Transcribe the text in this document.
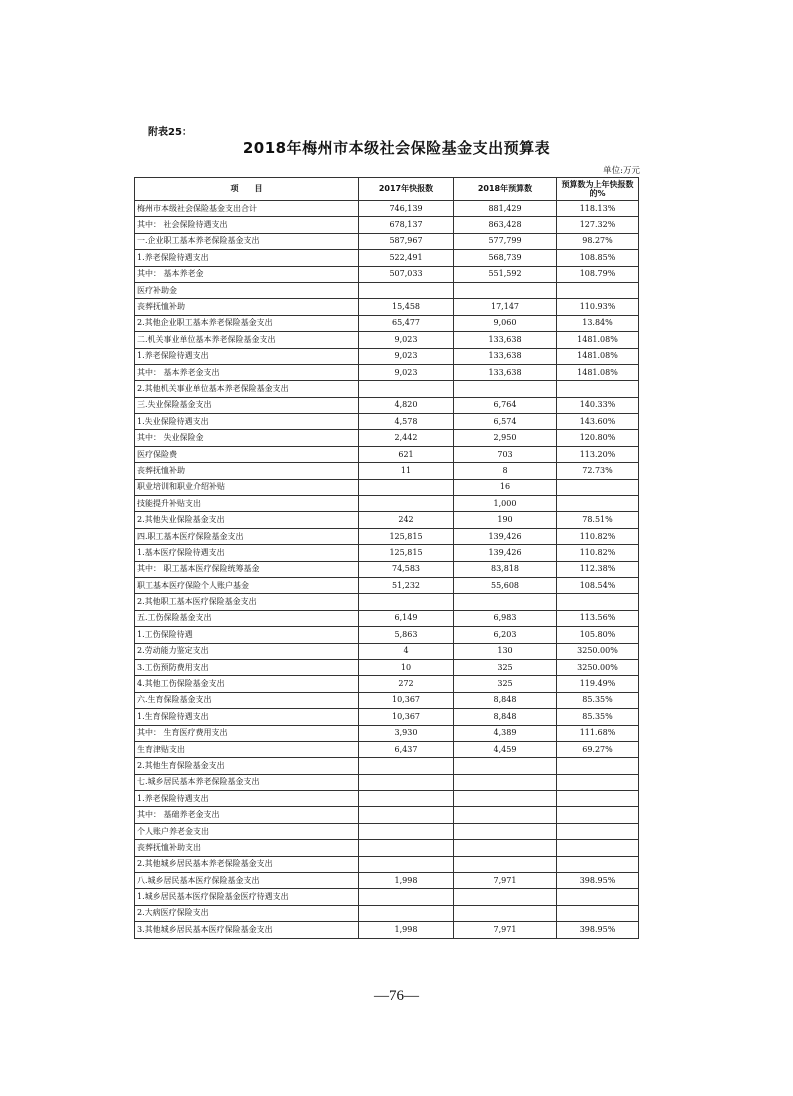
附表25：
2018年梅州市本级社会保险基金支出预算表
单位:万元
项　　目	2017年快报数	2018年预算数	预算数为上年快报数的%
梅州市本级社会保险基金支出合计	746,139	881,429	118.13%
其中： 社会保险待遇支出	678,137	863,428	127.32%
一.企业职工基本养老保险基金支出	587,967	577,799	98.27%
1.养老保险待遇支出	522,491	568,739	108.85%
其中： 基本养老金	507,033	551,592	108.79%
医疗补助金			
丧葬抚恤补助	15,458	17,147	110.93%
2.其他企业职工基本养老保险基金支出	65,477	9,060	13.84%
二.机关事业单位基本养老保险基金支出	9,023	133,638	1481.08%
1.养老保险待遇支出	9,023	133,638	1481.08%
其中： 基本养老金支出	9,023	133,638	1481.08%
2.其他机关事业单位基本养老保险基金支出			
三.失业保险基金支出	4,820	6,764	140.33%
1.失业保险待遇支出	4,578	6,574	143.60%
其中： 失业保险金	2,442	2,950	120.80%
医疗保险费	621	703	113.20%
丧葬抚恤补助	11	8	72.73%
职业培训和职业介绍补贴		16	
技能提升补贴支出		1,000	
2.其他失业保险基金支出	242	190	78.51%
四.职工基本医疗保险基金支出	125,815	139,426	110.82%
1.基本医疗保险待遇支出	125,815	139,426	110.82%
其中： 职工基本医疗保险统筹基金	74,583	83,818	112.38%
职工基本医疗保险个人账户基金	51,232	55,608	108.54%
2.其他职工基本医疗保险基金支出			
五.工伤保险基金支出	6,149	6,983	113.56%
1.工伤保险待遇	5,863	6,203	105.80%
2.劳动能力鉴定支出	4	130	3250.00%
3.工伤预防费用支出	10	325	3250.00%
4.其他工伤保险基金支出	272	325	119.49%
六.生育保险基金支出	10,367	8,848	85.35%
1.生育保险待遇支出	10,367	8,848	85.35%
其中： 生育医疗费用支出	3,930	4,389	111.68%
生育津贴支出	6,437	4,459	69.27%
2.其他生育保险基金支出			
七.城乡居民基本养老保险基金支出			
1.养老保险待遇支出			
其中： 基础养老金支出			
个人账户养老金支出			
丧葬抚恤补助支出			
2.其他城乡居民基本养老保险基金支出			
八.城乡居民基本医疗保险基金支出	1,998	7,971	398.95%
1.城乡居民基本医疗保险基金医疗待遇支出			
2.大病医疗保险支出			
3.其他城乡居民基本医疗保险基金支出	1,998	7,971	398.95%
—76—
